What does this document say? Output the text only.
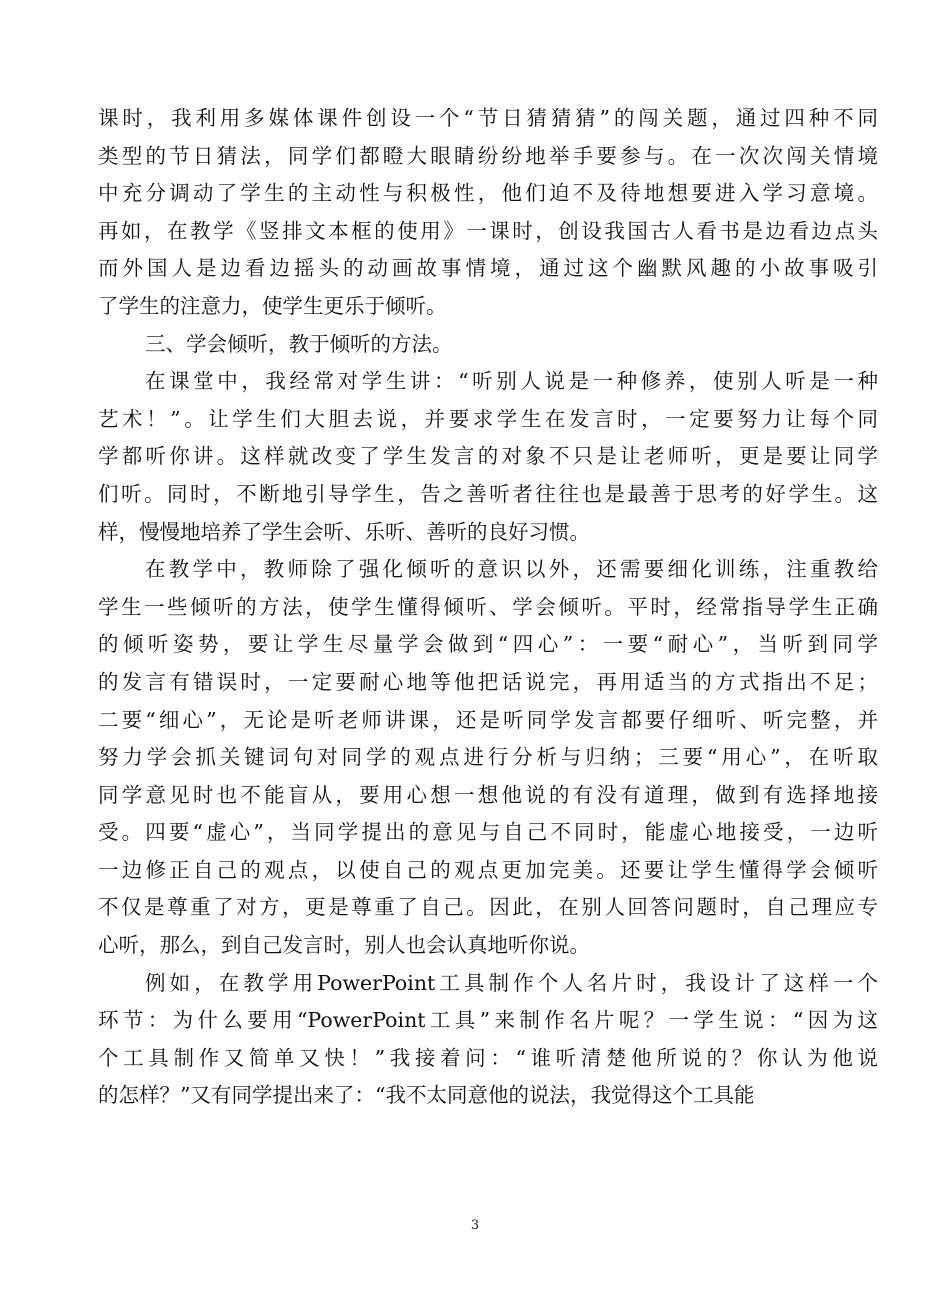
课时，我利用多媒体课件创设一个“节日猜猜猜”的闯关题，通过四种不同
类型的节日猜法，同学们都瞪大眼睛纷纷地举手要参与。在一次次闯关情境
中充分调动了学生的主动性与积极性，他们迫不及待地想要进入学习意境。
再如，在教学《竖排文本框的使用》一课时，创设我国古人看书是边看边点头
而外国人是边看边摇头的动画故事情境，通过这个幽默风趣的小故事吸引
了学生的注意力，使学生更乐于倾听。
三、学会倾听，教于倾听的方法。
在课堂中，我经常对学生讲：“听别人说是一种修养，使别人听是一种
艺术！”。让学生们大胆去说，并要求学生在发言时，一定要努力让每个同
学都听你讲。这样就改变了学生发言的对象不只是让老师听，更是要让同学
们听。同时，不断地引导学生，告之善听者往往也是最善于思考的好学生。这
样，慢慢地培养了学生会听、乐听、善听的良好习惯。
在教学中，教师除了强化倾听的意识以外，还需要细化训练，注重教给
学生一些倾听的方法，使学生懂得倾听、学会倾听。平时，经常指导学生正确
的倾听姿势，要让学生尽量学会做到“四心”：一要“耐心”，当听到同学
的发言有错误时，一定要耐心地等他把话说完，再用适当的方式指出不足；
二要“细心”，无论是听老师讲课，还是听同学发言都要仔细听、听完整，并
努力学会抓关键词句对同学的观点进行分析与归纳；三要“用心”，在听取
同学意见时也不能盲从，要用心想一想他说的有没有道理，做到有选择地接
受。四要“虚心”，当同学提出的意见与自己不同时，能虚心地接受，一边听
一边修正自己的观点，以使自己的观点更加完美。还要让学生懂得学会倾听
不仅是尊重了对方，更是尊重了自己。因此，在别人回答问题时，自己理应专
心听，那么，到自己发言时，别人也会认真地听你说。
例如，在教学用PowerPoint工具制作个人名片时，我设计了这样一个
环节：为什么要用“PowerPoint工具”来制作名片呢？一学生说：“因为这
个工具制作又简单又快！”我接着问：“谁听清楚他所说的？你认为他说
的怎样？”又有同学提出来了：“我不太同意他的说法，我觉得这个工具能
3
